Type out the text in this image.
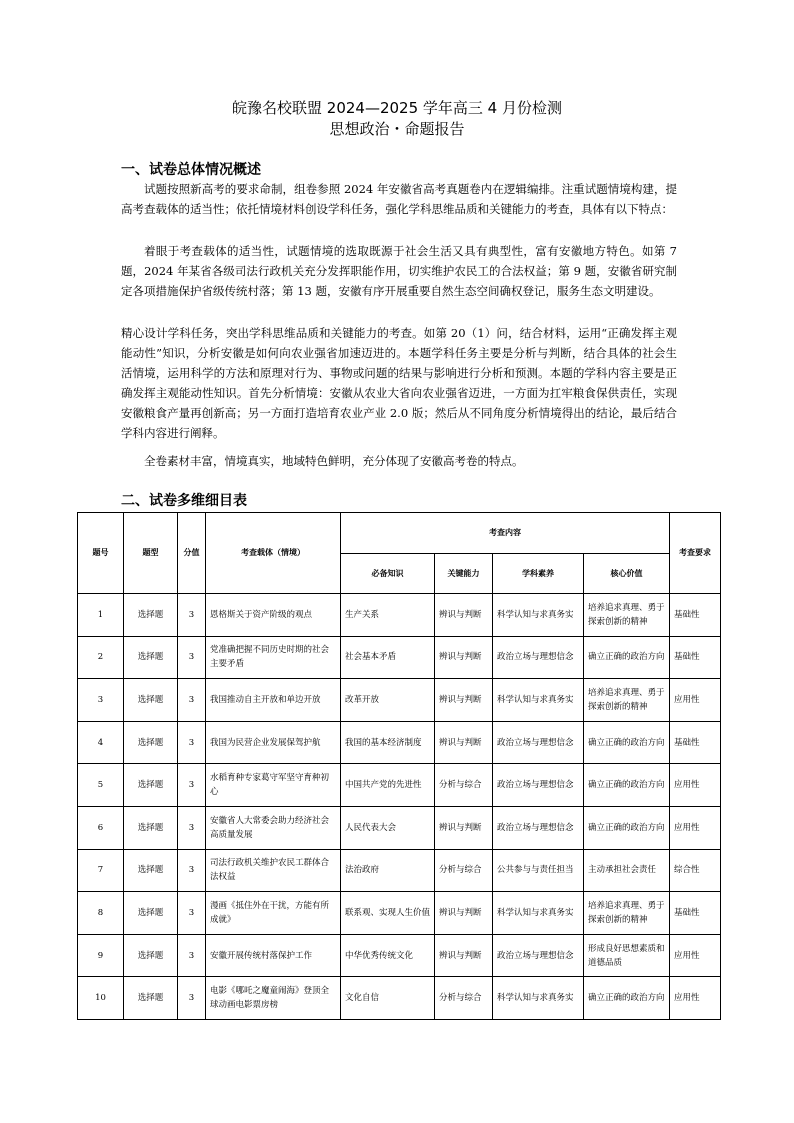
皖豫名校联盟 2024—2025 学年高三 4 月份检测
思想政治・命题报告
一、试卷总体情况概述

试题按照新高考的要求命制，组卷参照 2024 年安徽省高考真题卷内在逻辑编排。注重试题情境构建，提高考查载体的适当性；依托情境材料创设学科任务，强化学科思维品质和关键能力的考查，具体有以下特点：

着眼于考查载体的适当性，试题情境的选取既源于社会生活又具有典型性，富有安徽地方特色。如第 7 题，2024 年某省各级司法行政机关充分发挥职能作用，切实维护农民工的合法权益；第 9 题，安徽省研究制定各项措施保护省级传统村落；第 13 题，安徽有序开展重要自然生态空间确权登记，服务生态文明建设。

精心设计学科任务，突出学科思维品质和关键能力的考查。如第 20（1）问，结合材料，运用“正确发挥主观能动性”知识，分析安徽是如何向农业强省加速迈进的。本题学科任务主要是分析与判断，结合具体的社会生活情境，运用科学的方法和原理对行为、事物或问题的结果与影响进行分析和预测。本题的学科内容主要是正确发挥主观能动性知识。首先分析情境：安徽从农业大省向农业强省迈进，一方面为扛牢粮食保供责任，实现安徽粮食产量再创新高；另一方面打造培育农业产业 2.0 版；然后从不同角度分析情境得出的结论，最后结合学科内容进行阐释。

全卷素材丰富，情境真实，地域特色鲜明，充分体现了安徽高考卷的特点。

二、试卷多维细目表
题号	题型	分值	考查载体（情境）	考查内容				考查要求
				必备知识	关键能力	学科素养	核心价值	
1	选择题	3	恩格斯关于资产阶级的观点	生产关系	辨识与判断	科学认知与求真务实	培养追求真理、勇于探索创新的精神	基础性
2	选择题	3	党准确把握不同历史时期的社会主要矛盾	社会基本矛盾	辨识与判断	政治立场与理想信念	确立正确的政治方向	基础性
3	选择题	3	我国推动自主开放和单边开放	改革开放	辨识与判断	科学认知与求真务实	培养追求真理、勇于探索创新的精神	应用性
4	选择题	3	我国为民营企业发展保驾护航	我国的基本经济制度	辨识与判断	政治立场与理想信念	确立正确的政治方向	基础性
5	选择题	3	水稻育种专家葛守军坚守育种初心	中国共产党的先进性	分析与综合	政治立场与理想信念	确立正确的政治方向	应用性
6	选择题	3	安徽省人大常委会助力经济社会高质量发展	人民代表大会	辨识与判断	政治立场与理想信念	确立正确的政治方向	应用性
7	选择题	3	司法行政机关维护农民工群体合法权益	法治政府	分析与综合	公共参与与责任担当	主动承担社会责任	综合性
8	选择题	3	漫画《抵住外在干扰，方能有所成就》	联系观、实现人生价值	辨识与判断	科学认知与求真务实	培养追求真理、勇于探索创新的精神	基础性
9	选择题	3	安徽开展传统村落保护工作	中华优秀传统文化	辨识与判断	政治立场与理想信念	形成良好思想素质和道德品质	应用性
10	选择题	3	电影《哪吒之魔童闹海》登顶全球动画电影票房榜	文化自信	分析与综合	科学认知与求真务实	确立正确的政治方向	应用性
